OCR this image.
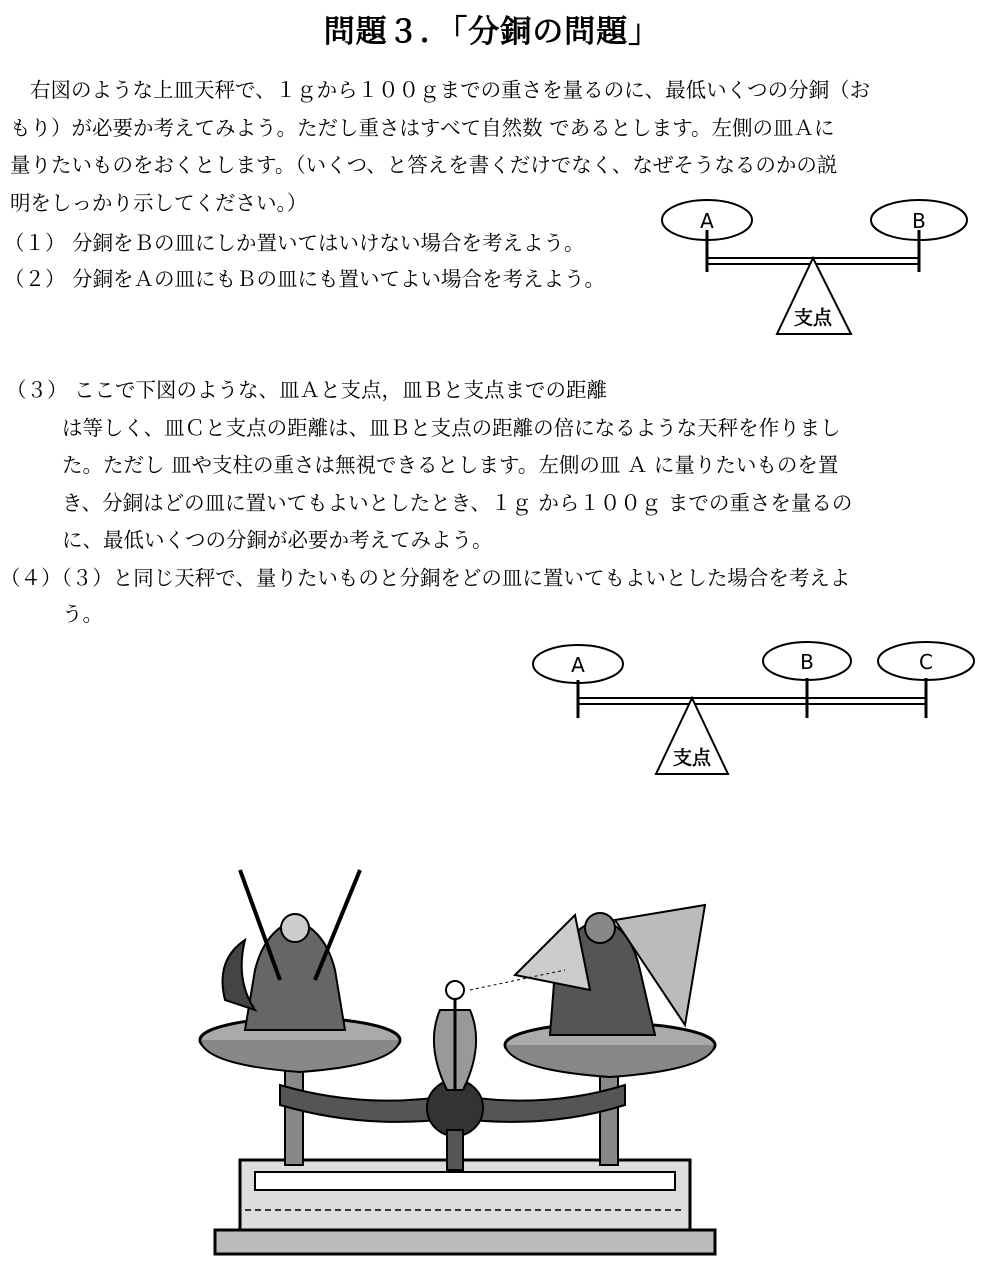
問題３．「分銅の問題」
右図のような上皿天秤で、１ｇから１００ｇまでの重さを量るのに、最低いくつの分銅（お
もり）が必要か考えてみよう。ただし重さはすべて自然数 であるとします。左側の皿Ａに
量りたいものをおくとします。（いくつ、と答えを書くだけでなく、なぜそうなるのかの説
明をしっかり示してください。）
（１） 分銅をＢの皿にしか置いてはいけない場合を考えよう。
（２） 分銅をＡの皿にもＢの皿にも置いてよい場合を考えよう。
A	B
支点
（３） ここで下図のような、皿Ａと支点，皿Ｂと支点までの距離
は等しく、皿Ｃと支点の距離は、皿Ｂと支点の距離の倍になるような天秤を作りまし
た。ただし 皿や支柱の重さは無視できるとします。左側の皿 Ａ に量りたいものを置
き、分銅はどの皿に置いてもよいとしたとき、１ｇ から１００ｇ までの重さを量るの
に、最低いくつの分銅が必要か考えてみよう。
（４）（３）と同じ天秤で、量りたいものと分銅をどの皿に置いてもよいとした場合を考えよ
う。
A	B	C
支点
